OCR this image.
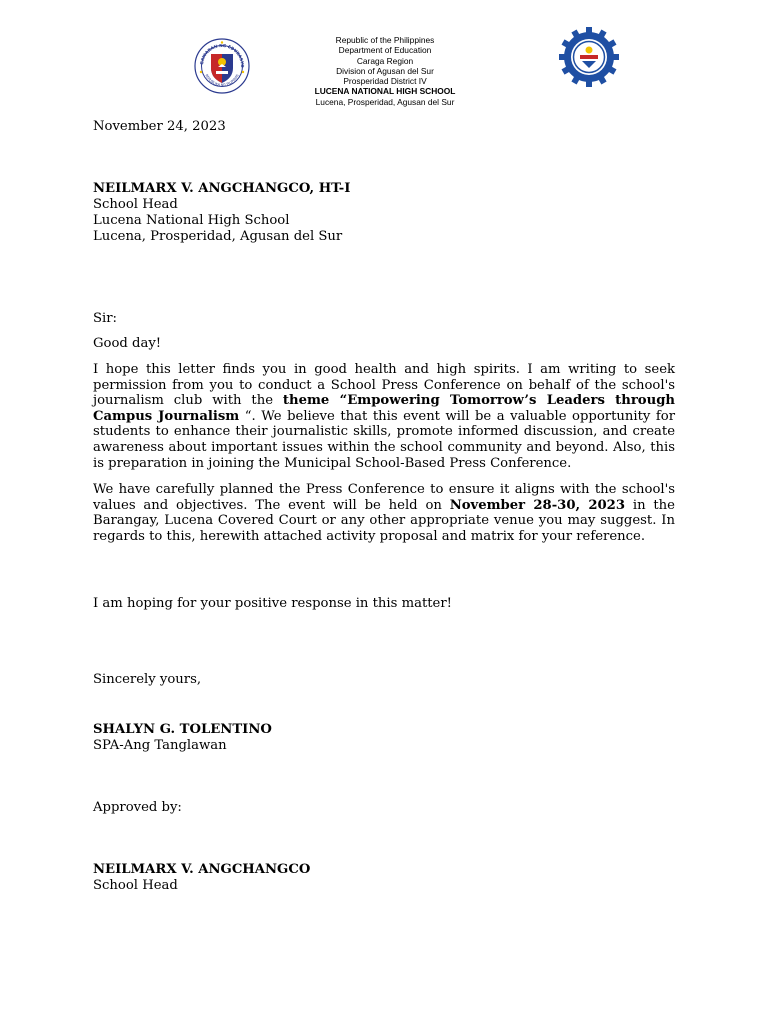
GAWARAN NG EDUKASYO
REPUBLIKA NG PILIPINAS
Republic of the Philippines
Department of Education
Caraga Region
Division of Agusan del Sur
Prosperidad District IV
LUCENA NATIONAL HIGH SCHOOL
Lucena, Prosperidad, Agusan del Sur
November 24, 2023
NEILMARX V. ANGCHANGCO, HT-I
School Head
Lucena National High School
Lucena, Prosperidad, Agusan del Sur
Sir:
Good day!
I hope this letter finds you in good health and high spirits. I am writing to seek permission from you to conduct a School Press Conference on behalf of the school's journalism club with the theme “Empowering Tomorrow’s Leaders through Campus Journalism “. We believe that this event will be a valuable opportunity for students to enhance their journalistic skills, promote informed discussion, and create awareness about important issues within the school community and beyond. Also, this is preparation in joining the Municipal School-Based Press Conference.
We have carefully planned the Press Conference to ensure it aligns with the school's values and objectives. The event will be held on November 28-30, 2023 in the Barangay, Lucena Covered Court or any other appropriate venue you may suggest. In regards to this, herewith attached activity proposal and matrix for your reference.
I am hoping for your positive response in this matter!
Sincerely yours,
SHALYN G. TOLENTINO
SPA-Ang Tanglawan
Approved by:
NEILMARX V. ANGCHANGCO
School Head
